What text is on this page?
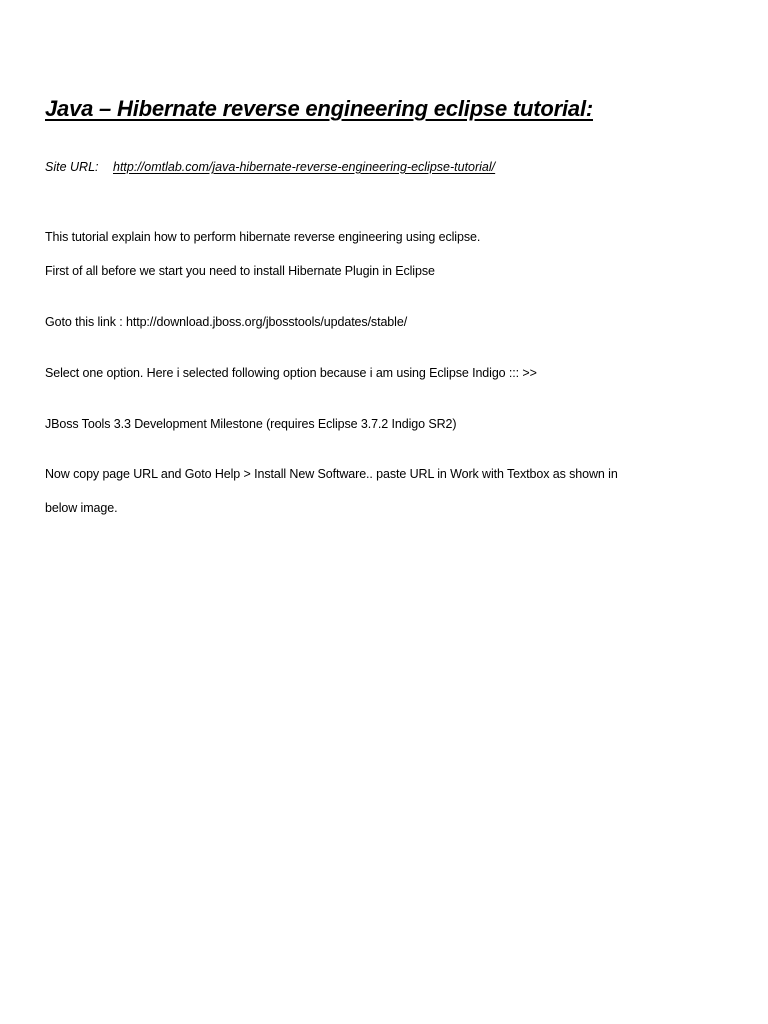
Java – Hibernate reverse engineering eclipse tutorial:
Site URL: http://omtlab.com/java-hibernate-reverse-engineering-eclipse-tutorial/

This tutorial explain how to perform hibernate reverse engineering using eclipse.

First of all before we start you need to install Hibernate Plugin in Eclipse

Goto this link : http://download.jboss.org/jbosstools/updates/stable/

Select one option. Here i selected following option because i am using Eclipse Indigo ::: >>

JBoss Tools 3.3 Development Milestone (requires Eclipse 3.7.2 Indigo SR2)

Now copy page URL and Goto Help > Install New Software.. paste URL in Work with Textbox as shown in

below image.
